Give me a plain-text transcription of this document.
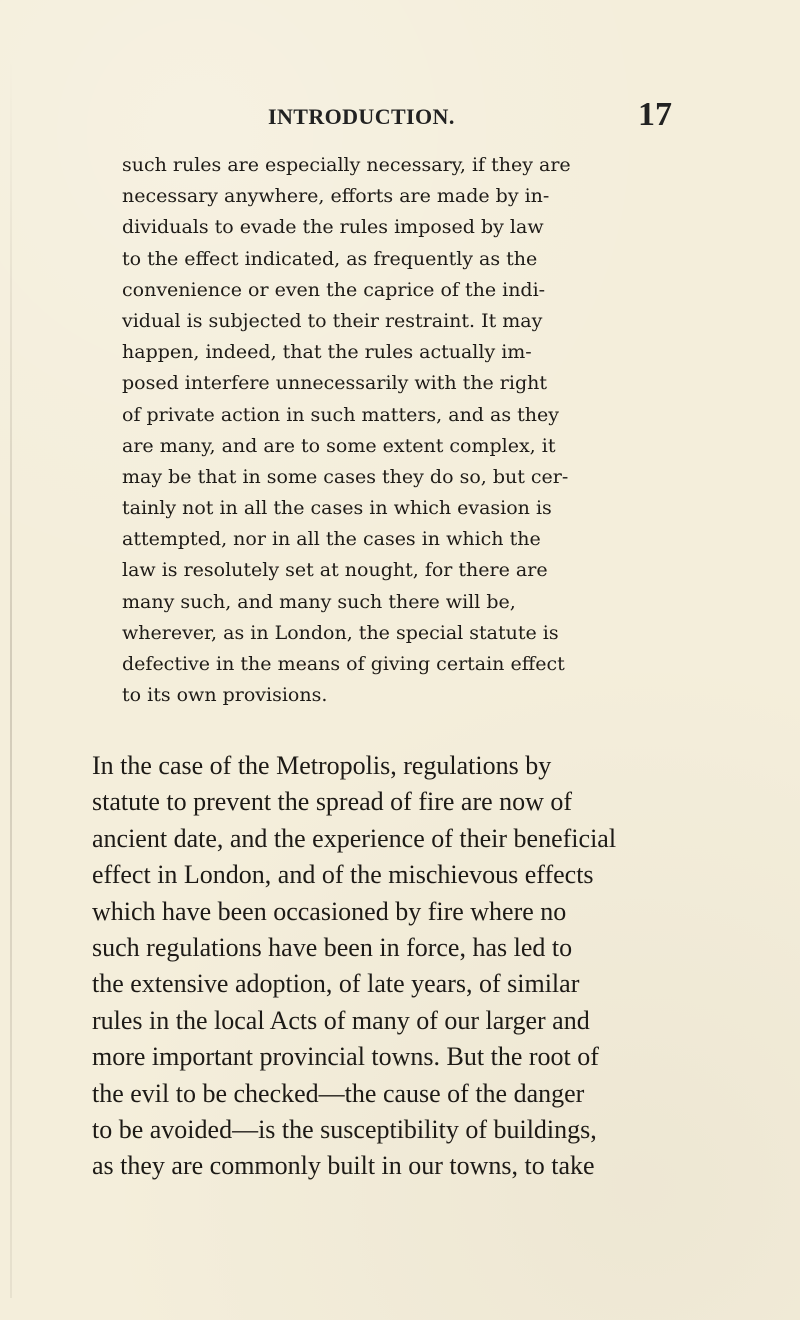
INTRODUCTION.	17
such rules are especially necessary, if they are
necessary anywhere, efforts are made by in-
dividuals to evade the rules imposed by law
to the effect indicated, as frequently as the
convenience or even the caprice of the indi-
vidual is subjected to their restraint. It may
happen, indeed, that the rules actually im-
posed interfere unnecessarily with the right
of private action in such matters, and as they
are many, and are to some extent complex, it
may be that in some cases they do so, but cer-
tainly not in all the cases in which evasion is
attempted, nor in all the cases in which the
law is resolutely set at nought, for there are
many such, and many such there will be,
wherever, as in London, the special statute is
defective in the means of giving certain effect
to its own provisions.
In the case of the Metropolis, regulations by
statute to prevent the spread of fire are now of
ancient date, and the experience of their beneficial
effect in London, and of the mischievous effects
which have been occasioned by fire where no
such regulations have been in force, has led to
the extensive adoption, of late years, of similar
rules in the local Acts of many of our larger and
more important provincial towns. But the root of
the evil to be checked—the cause of the danger
to be avoided—is the susceptibility of buildings,
as they are commonly built in our towns, to take
